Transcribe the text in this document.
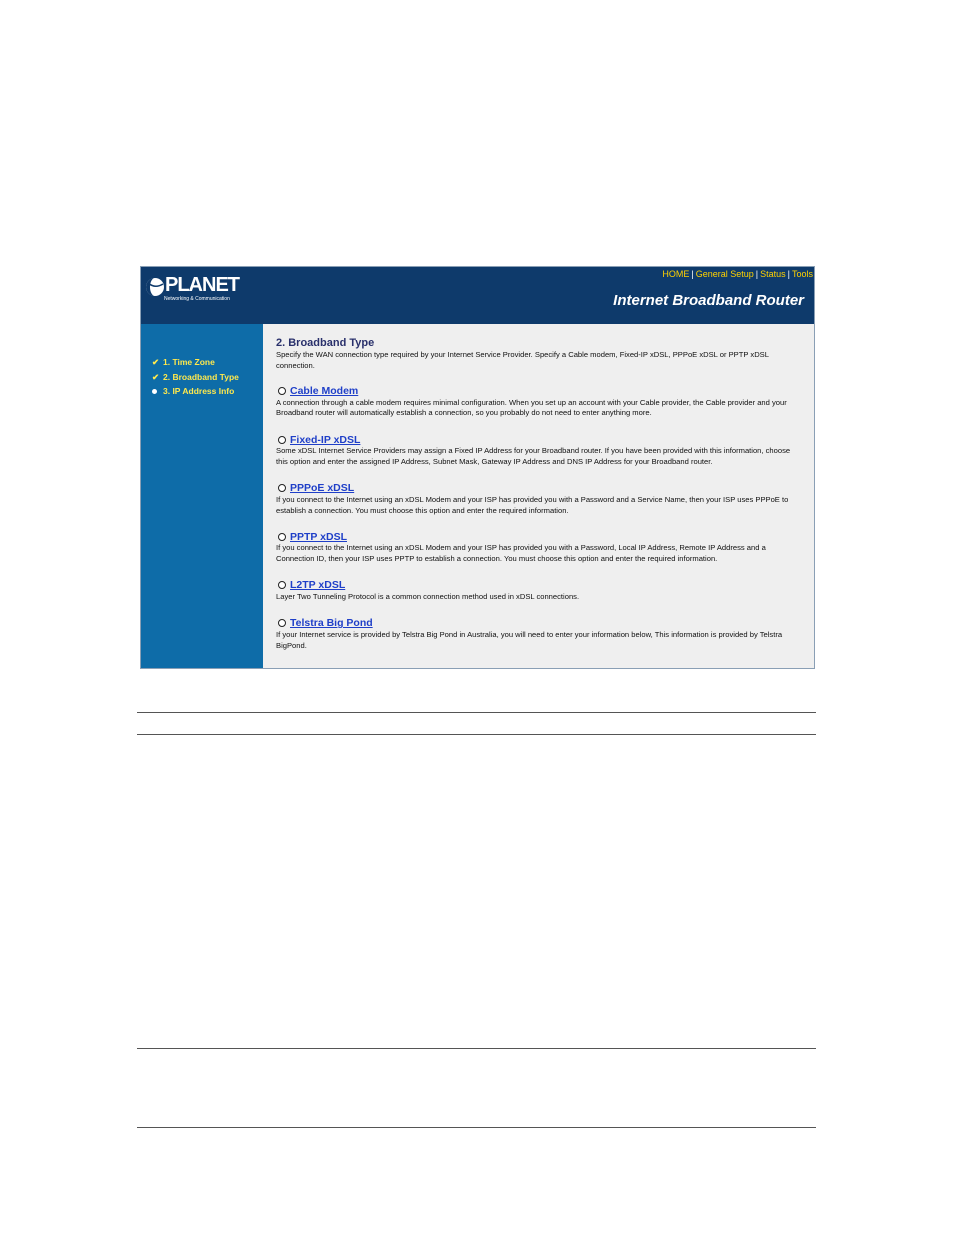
PLANET
Networking & Communication
HOME | General Setup | Status | Tools
Internet Broadband Router
✔ 1. Time Zone
✔ 2. Broadband Type
3. IP Address Info
2. Broadband Type

Specify the WAN connection type required by your Internet Service Provider. Specify a Cable modem, Fixed-IP xDSL, PPPoE xDSL or PPTP xDSL connection.

Cable Modem

A connection through a cable modem requires minimal configuration. When you set up an account with your Cable provider, the Cable provider and your Broadband router will automatically establish a connection, so you probably do not need to enter anything more.

Fixed-IP xDSL

Some xDSL Internet Service Providers may assign a Fixed IP Address for your Broadband router. If you have been provided with this information, choose this option and enter the assigned IP Address, Subnet Mask, Gateway IP Address and DNS IP Address for your Broadband router.

PPPoE xDSL

If you connect to the Internet using an xDSL Modem and your ISP has provided you with a Password and a Service Name, then your ISP uses PPPoE to establish a connection. You must choose this option and enter the required information.

PPTP xDSL

If you connect to the Internet using an xDSL Modem and your ISP has provided you with a Password, Local IP Address, Remote IP Address and a Connection ID, then your ISP uses PPTP to establish a connection. You must choose this option and enter the required information.

L2TP xDSL

Layer Two Tunneling Protocol is a common connection method used in xDSL connections.

Telstra Big Pond

If your Internet service is provided by Telstra Big Pond in Australia, you will need to enter your information below, This information is provided by Telstra BigPond.
